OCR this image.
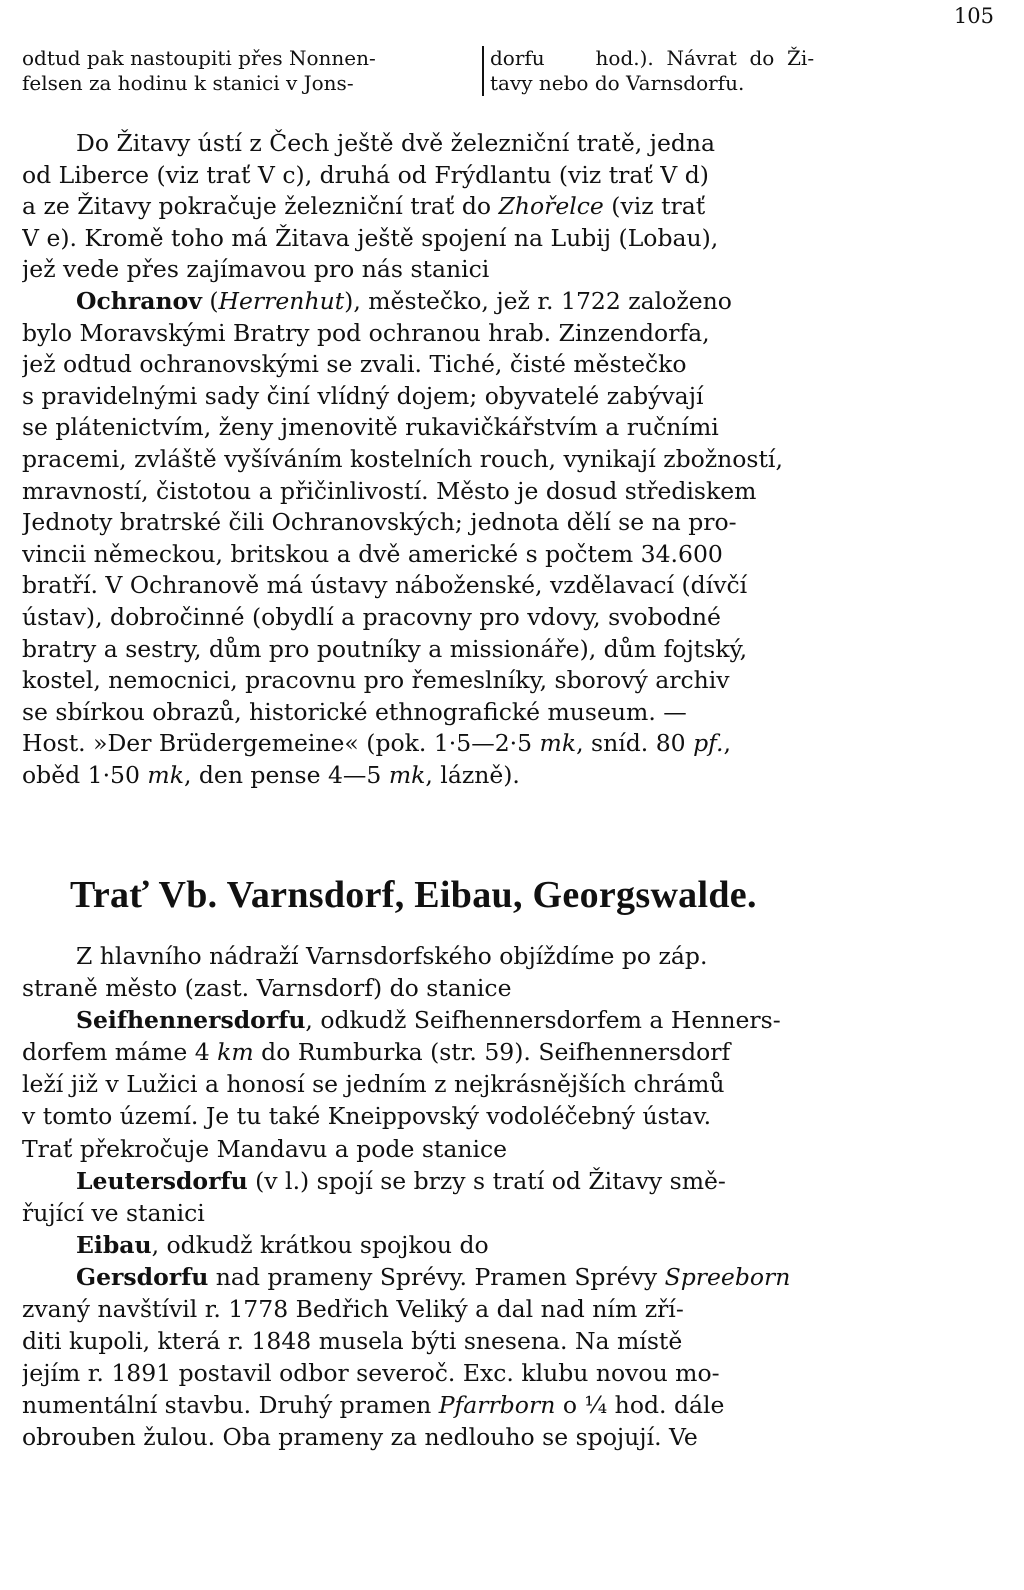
105
odtud pak nastoupiti přes Nonnen-
felsen za hodinu k stanici v Jons-
dorfu        hod.).  Návrat  do  Ži-
tavy nebo do Varnsdorfu.
Do Žitavy ústí z Čech ještě dvě železniční tratě, jedna
od Liberce (viz trať V c), druhá od Frýdlantu (viz trať V d)
a ze Žitavy pokračuje železniční trať do Zhořelce (viz trať
V e). Kromě toho má Žitava ještě spojení na Lubij (Lobau),
jež vede přes zajímavou pro nás stanici
Ochranov (Herrenhut), městečko, jež r. 1722 založeno
bylo Moravskými Bratry pod ochranou hrab. Zinzendorfa,
jež odtud ochranovskými se zvali. Tiché, čisté městečko
s pravidelnými sady činí vlídný dojem; obyvatelé zabývají
se plátenictvím, ženy jmenovitě rukavičkářstvím a ručními
pracemi, zvláště vyšíváním kostelních rouch, vynikají zbožností,
mravností, čistotou a přičinlivostí. Město je dosud střediskem
Jednoty bratrské čili Ochranovských; jednota dělí se na pro-
vincii německou, britskou a dvě americké s počtem 34.600
bratří. V Ochranově má ústavy náboženské, vzdělavací (dívčí
ústav), dobročinné (obydlí a pracovny pro vdovy, svobodné
bratry a sestry, dům pro poutníky a missionáře), dům fojtský,
kostel, nemocnici, pracovnu pro řemeslníky, sborový archiv
se sbírkou obrazů, historické ethnografické museum. —
Host. »Der Brüdergemeine« (pok. 1·5—2·5 mk, sníd. 80 pf.,
oběd 1·50 mk, den pense 4—5 mk, lázně).
Trať Vb. Varnsdorf, Eibau, Georgswalde.
Z hlavního nádraží Varnsdorfského objíždíme po záp.
straně město (zast. Varnsdorf) do stanice
Seifhennersdorfu, odkudž Seifhennersdorfem a Henners-
dorfem máme 4 km do Rumburka (str. 59). Seifhennersdorf
leží již v Lužici a honosí se jedním z nejkrásnějších chrámů
v tomto území. Je tu také Kneippovský vodoléčebný ústav.
Trať překročuje Mandavu a pode stanice
Leutersdorfu (v l.) spojí se brzy s tratí od Žitavy smě-
řující ve stanici
Eibau, odkudž krátkou spojkou do
Gersdorfu nad prameny Sprévy. Pramen Sprévy Spreeborn
zvaný navštívil r. 1778 Bedřich Veliký a dal nad ním zří-
diti kupoli, která r. 1848 musela býti snesena. Na místě
jejím r. 1891 postavil odbor severoč. Exc. klubu novou mo-
numentální stavbu. Druhý pramen Pfarrborn o ¼ hod. dále
obrouben žulou. Oba prameny za nedlouho se spojují. Ve
